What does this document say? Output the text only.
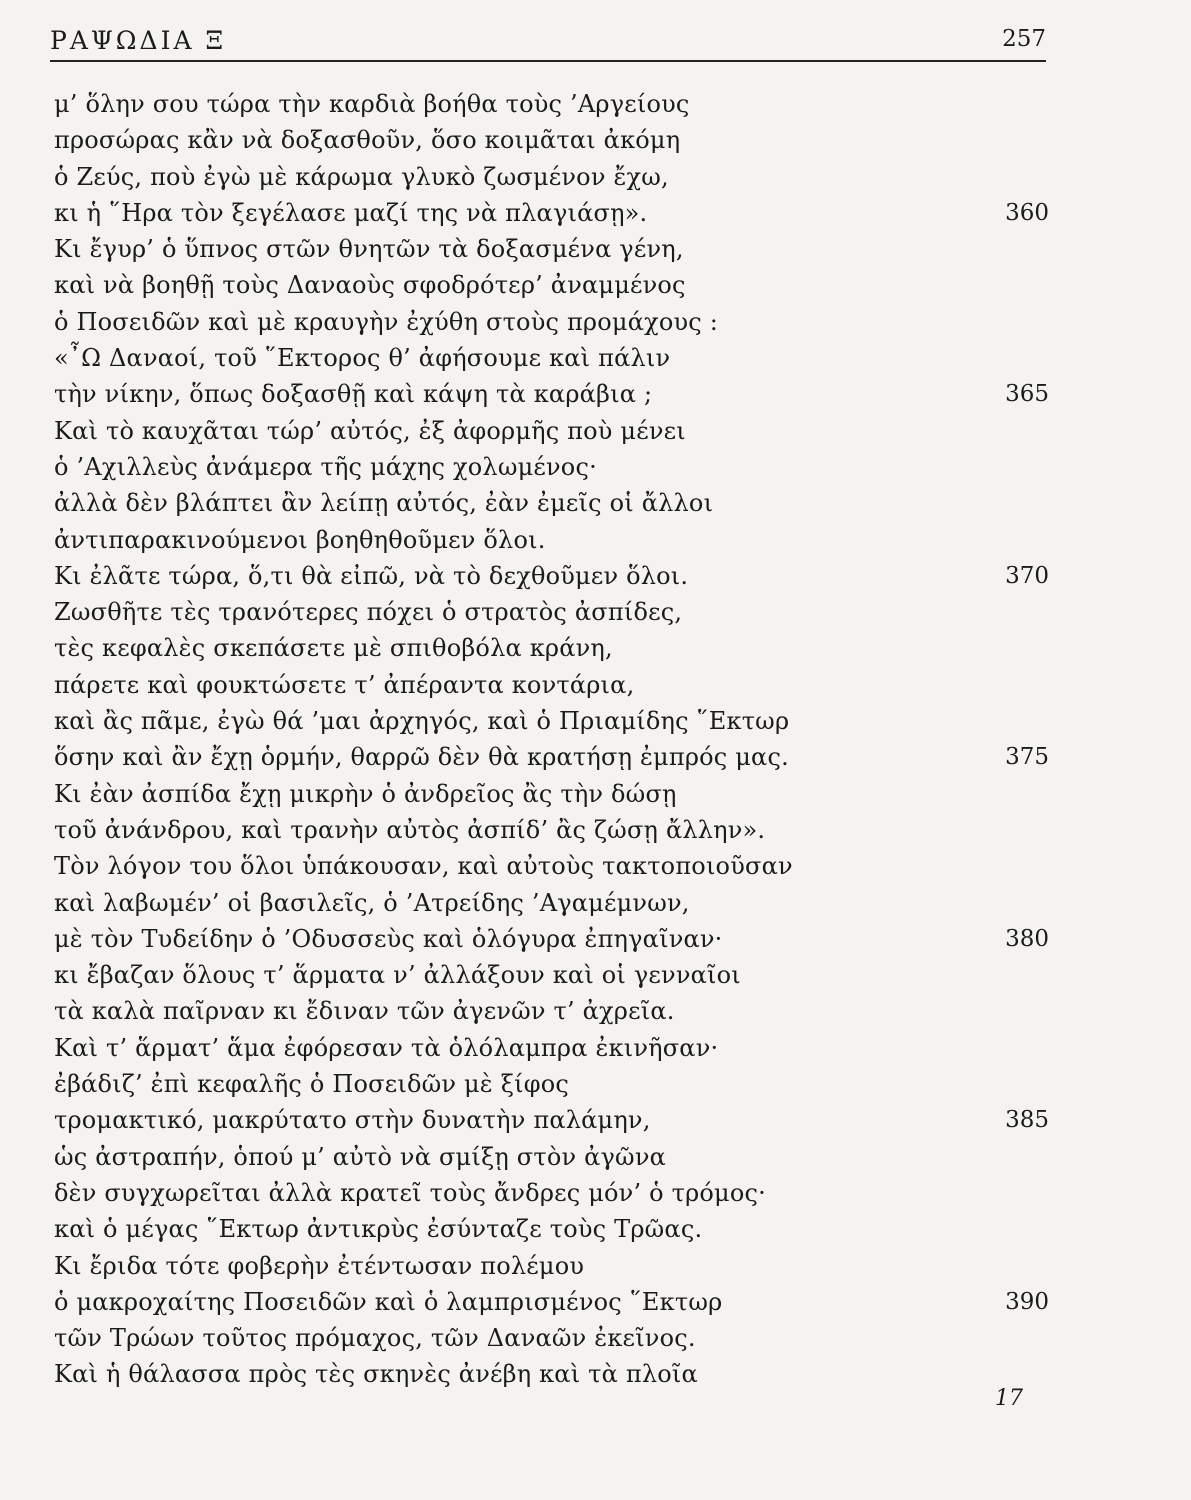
ΡΑΨΩΔΙΑ Ξ	257
μ’ ὅλην σου τώρα τὴν καρδιὰ βοήθα τοὺς ’Αργείους
προσώρας κἂν νὰ δοξασθοῦν, ὅσο κοιμᾶται ἀκόμη
ὁ Ζεύς, ποὺ ἐγὼ μὲ κάρωμα γλυκὸ ζωσμένον ἔχω,
κι ἡ ῞Ηρα τὸν ξεγέλασε μαζί της νὰ πλαγιάσῃ».	360
Κι ἔγυρ’ ὁ ὕπνος στῶν θνητῶν τὰ δοξασμένα γένη,
καὶ νὰ βοηθῇ τοὺς Δαναοὺς σφοδρότερ’ ἀναμμένος
ὁ Ποσειδῶν καὶ μὲ κραυγὴν ἐχύθη στοὺς προμάχους :
«῏Ω Δαναοί, τοῦ ῞Εκτορος θ’ ἀφήσουμε καὶ πάλιν
τὴν νίκην, ὅπως δοξασθῇ καὶ κάψη τὰ καράβια ;	365
Καὶ τὸ καυχᾶται τώρ’ αὐτός, ἐξ ἀφορμῆς ποὺ μένει
ὁ ’Αχιλλεὺς ἀνάμερα τῆς μάχης χολωμένος·
ἀλλὰ δὲν βλάπτει ἂν λείπῃ αὐτός, ἐὰν ἐμεῖς οἱ ἄλλοι
ἀντιπαρακινούμενοι βοηθηθοῦμεν ὅλοι.
Κι ἐλᾶτε τώρα, ὅ,τι θὰ εἰπῶ, νὰ τὸ δεχθοῦμεν ὅλοι.	370
Ζωσθῆτε τὲς τρανότερες πόχει ὁ στρατὸς ἀσπίδες,
τὲς κεφαλὲς σκεπάσετε μὲ σπιθοβόλα κράνη,
πάρετε καὶ φουκτώσετε τ’ ἀπέραντα κοντάρια,
καὶ ἂς πᾶμε, ἐγὼ θά ’μαι ἀρχηγός, καὶ ὁ Πριαμίδης ῞Εκτωρ
ὅσην καὶ ἂν ἔχῃ ὁρμήν, θαρρῶ δὲν θὰ κρατήσῃ ἐμπρός μας.	375
Κι ἐὰν ἀσπίδα ἔχῃ μικρὴν ὁ ἀνδρεῖος ἂς τὴν δώσῃ
τοῦ ἀνάνδρου, καὶ τρανὴν αὐτὸς ἀσπίδ’ ἂς ζώσῃ ἄλλην».
Τὸν λόγον του ὅλοι ὑπάκουσαν, καὶ αὐτοὺς τακτοποιοῦσαν
καὶ λαβωμέν’ οἱ βασιλεῖς, ὁ ’Ατρείδης ’Αγαμέμνων,
μὲ τὸν Τυδείδην ὁ ’Οδυσσεὺς καὶ ὁλόγυρα ἐπηγαῖναν·	380
κι ἔβαζαν ὅλους τ’ ἅρματα ν’ ἀλλάξουν καὶ οἱ γενναῖοι
τὰ καλὰ παῖρναν κι ἔδιναν τῶν ἀγενῶν τ’ ἀχρεῖα.
Καὶ τ’ ἅρματ’ ἅμα ἐφόρεσαν τὰ ὁλόλαμπρα ἐκινῆσαν·
ἐβάδιζ’ ἐπὶ κεφαλῆς ὁ Ποσειδῶν μὲ ξίφος
τρομακτικό, μακρύτατο στὴν δυνατὴν παλάμην,	385
ὡς ἀστραπήν, ὁπού μ’ αὐτὸ νὰ σμίξῃ στὸν ἀγῶνα
δὲν συγχωρεῖται ἀλλὰ κρατεῖ τοὺς ἄνδρες μόν’ ὁ τρόμος·
καὶ ὁ μέγας ῞Εκτωρ ἀντικρὺς ἐσύνταζε τοὺς Τρῶας.
Κι ἔριδα τότε φοβερὴν ἐτέντωσαν πολέμου
ὁ μακροχαίτης Ποσειδῶν καὶ ὁ λαμπρισμένος ῞Εκτωρ	390
τῶν Τρώων τοῦτος πρόμαχος, τῶν Δαναῶν ἐκεῖνος.
Καὶ ἡ θάλασσα πρὸς τὲς σκηνὲς ἀνέβη καὶ τὰ πλοῖα
17
